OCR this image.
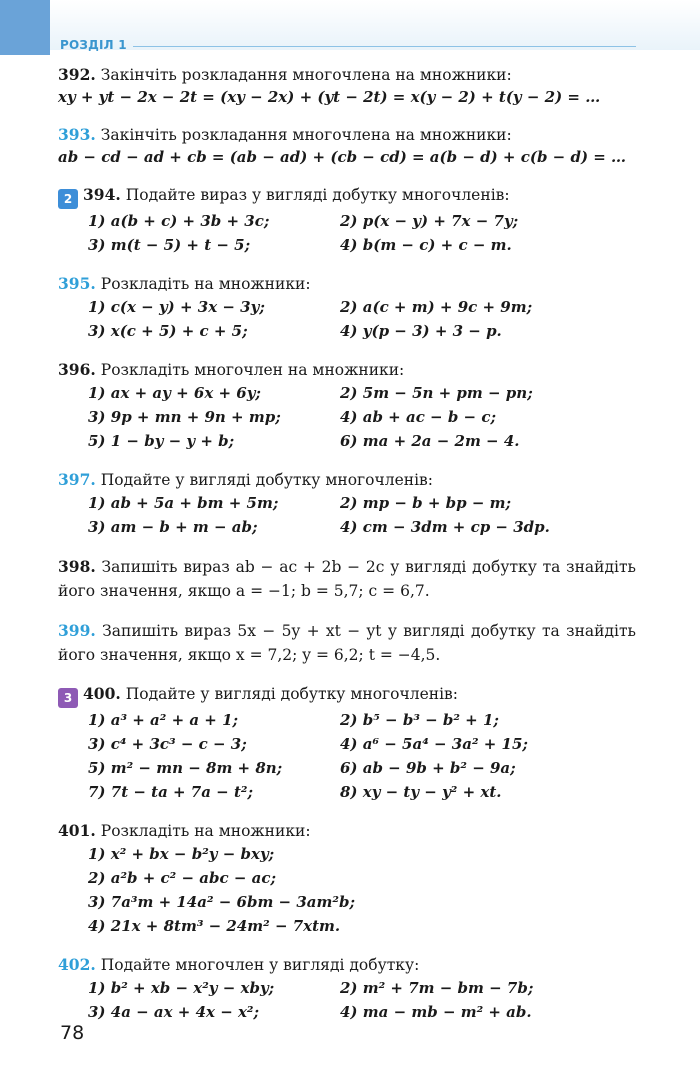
РОЗДІЛ 1
392. Закінчіть розкладання многочлена на множники:
xy + yt − 2x − 2t = (xy − 2x) + (yt − 2t) = x(y − 2) + t(y − 2) = …
393. Закінчіть розкладання многочлена на множники:
ab − cd − ad + cb = (ab − ad) + (cb − cd) = a(b − d) + c(b − d) = …
2 394. Подайте вираз у вигляді добутку многочленів:
1) a(b + c) + 3b + 3c;	2) p(x − y) + 7x − 7y;
3) m(t − 5) + t − 5;	4) b(m − c) + c − m.
395. Розкладіть на множники:
1) c(x − y) + 3x − 3y;	2) a(c + m) + 9c + 9m;
3) x(c + 5) + c + 5;	4) y(p − 3) + 3 − p.
396. Розкладіть многочлен на множники:
1) ax + ay + 6x + 6y;	2) 5m − 5n + pm − pn;
3) 9p + mn + 9n + mp;	4) ab + ac − b − c;
5) 1 − by − y + b;	6) ma + 2a − 2m − 4.
397. Подайте у вигляді добутку многочленів:
1) ab + 5a + bm + 5m;	2) mp − b + bp − m;
3) am − b + m − ab;	4) cm − 3dm + cp − 3dp.
398. Запишіть вираз ab − ac + 2b − 2c у вигляді добутку та знайдіть його значення, якщо a = −1; b = 5,7; c = 6,7.
399. Запишіть вираз 5x − 5y + xt − yt у вигляді добутку та знайдіть його значення, якщо x = 7,2; y = 6,2; t = −4,5.
3 400. Подайте у вигляді добутку многочленів:
1) a³ + a² + a + 1;	2) b⁵ − b³ − b² + 1;
3) c⁴ + 3c³ − c − 3;	4) a⁶ − 5a⁴ − 3a² + 15;
5) m² − mn − 8m + 8n;	6) ab − 9b + b² − 9a;
7) 7t − ta + 7a − t²;	8) xy − ty − y² + xt.
401. Розкладіть на множники:
1) x² + bx − b²y − bxy;
2) a²b + c² − abc − ac;
3) 7a³m + 14a² − 6bm − 3am²b;
4) 21x + 8tm³ − 24m² − 7xtm.
402. Подайте многочлен у вигляді добутку:
1) b² + xb − x²y − xby;	2) m² + 7m − bm − 7b;
3) 4a − ax + 4x − x²;	4) ma − mb − m² + ab.
78
